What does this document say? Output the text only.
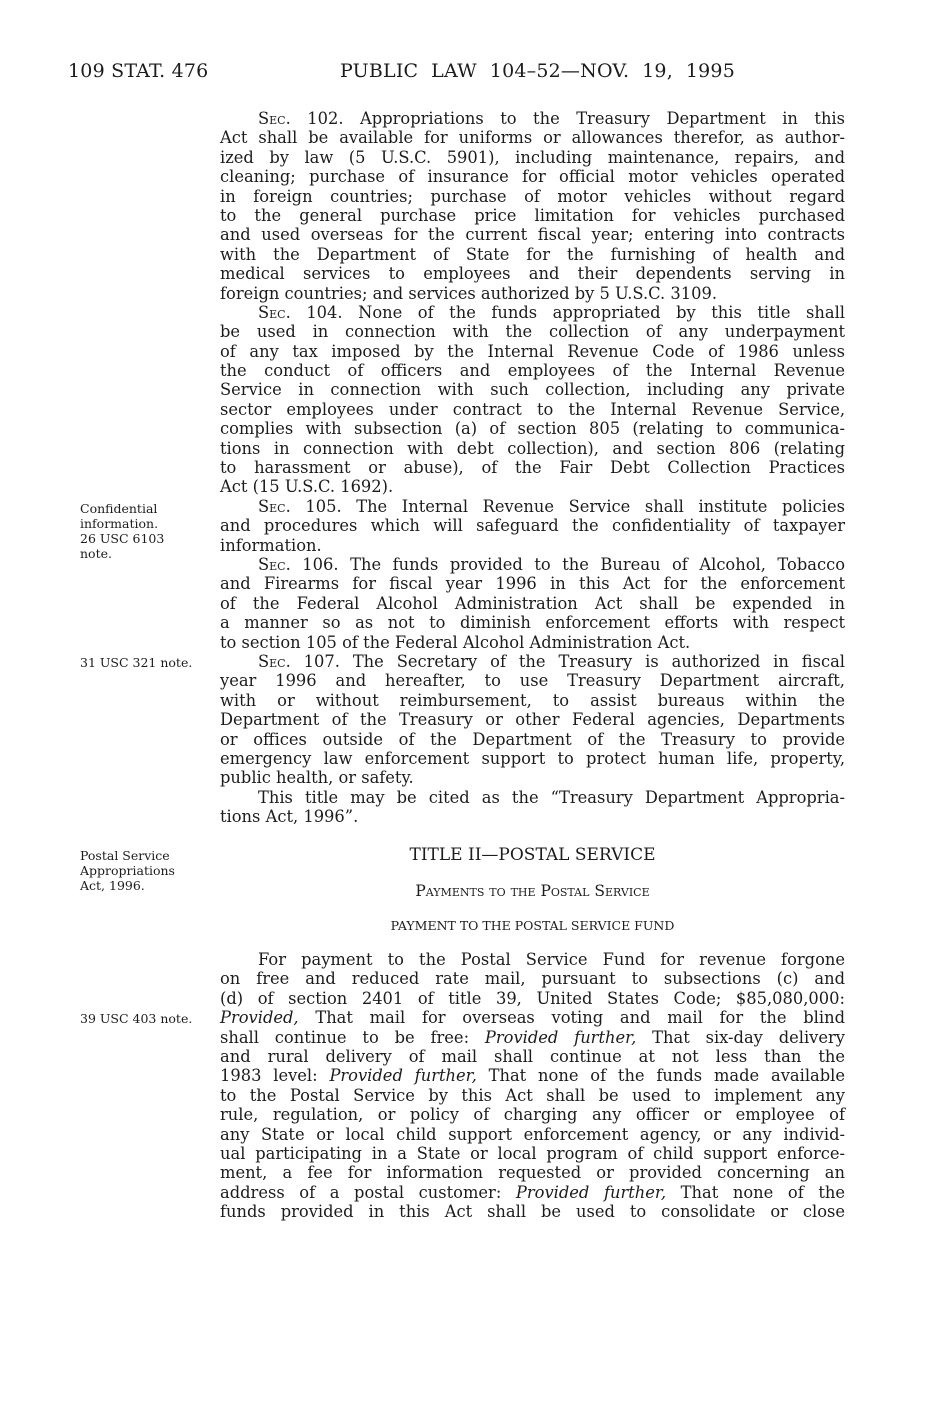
109 STAT. 476	PUBLIC LAW 104–52—NOV. 19, 1995
Confidential
information.
26 USC 6103
note.
31 USC 321 note.
Postal Service
Appropriations
Act, 1996.
39 USC 403 note.
Sec. 102. Appropriations to the Treasury Department in this
Act shall be available for uniforms or allowances therefor, as author-
ized by law (5 U.S.C. 5901), including maintenance, repairs, and
cleaning; purchase of insurance for official motor vehicles operated
in foreign countries; purchase of motor vehicles without regard
to the general purchase price limitation for vehicles purchased
and used overseas for the current fiscal year; entering into contracts
with the Department of State for the furnishing of health and
medical services to employees and their dependents serving in
foreign countries; and services authorized by 5 U.S.C. 3109.
Sec. 104. None of the funds appropriated by this title shall
be used in connection with the collection of any underpayment
of any tax imposed by the Internal Revenue Code of 1986 unless
the conduct of officers and employees of the Internal Revenue
Service in connection with such collection, including any private
sector employees under contract to the Internal Revenue Service,
complies with subsection (a) of section 805 (relating to communica-
tions in connection with debt collection), and section 806 (relating
to harassment or abuse), of the Fair Debt Collection Practices
Act (15 U.S.C. 1692).
Sec. 105. The Internal Revenue Service shall institute policies
and procedures which will safeguard the confidentiality of taxpayer
information.
Sec. 106. The funds provided to the Bureau of Alcohol, Tobacco
and Firearms for fiscal year 1996 in this Act for the enforcement
of the Federal Alcohol Administration Act shall be expended in
a manner so as not to diminish enforcement efforts with respect
to section 105 of the Federal Alcohol Administration Act.
Sec. 107. The Secretary of the Treasury is authorized in fiscal
year 1996 and hereafter, to use Treasury Department aircraft,
with or without reimbursement, to assist bureaus within the
Department of the Treasury or other Federal agencies, Departments
or offices outside of the Department of the Treasury to provide
emergency law enforcement support to protect human life, property,
public health, or safety.
This title may be cited as the “Treasury Department Appropria-
tions Act, 1996”.
TITLE II—POSTAL SERVICE
Payments to the Postal Service
PAYMENT TO THE POSTAL SERVICE FUND
For payment to the Postal Service Fund for revenue forgone
on free and reduced rate mail, pursuant to subsections (c) and
(d) of section 2401 of title 39, United States Code; $85,080,000:
Provided, That mail for overseas voting and mail for the blind
shall continue to be free: Provided further, That six-day delivery
and rural delivery of mail shall continue at not less than the
1983 level: Provided further, That none of the funds made available
to the Postal Service by this Act shall be used to implement any
rule, regulation, or policy of charging any officer or employee of
any State or local child support enforcement agency, or any individ-
ual participating in a State or local program of child support enforce-
ment, a fee for information requested or provided concerning an
address of a postal customer: Provided further, That none of the
funds provided in this Act shall be used to consolidate or close
